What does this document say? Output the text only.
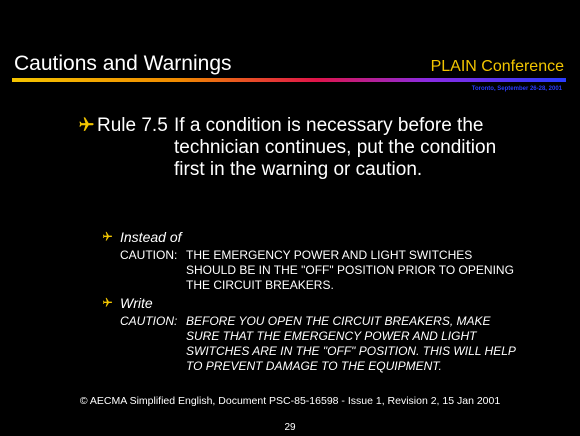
Cautions and Warnings	PLAIN Conference
Toronto, September 26-28, 2001
Rule 7.5 If a condition is necessary before the technician continues, put the condition first in the warning or caution.
Instead of
CAUTION: THE EMERGENCY POWER AND LIGHT SWITCHES SHOULD BE IN THE "OFF" POSITION PRIOR TO OPENING THE CIRCUIT BREAKERS.
Write
CAUTION: BEFORE YOU OPEN THE CIRCUIT BREAKERS, MAKE SURE THAT THE EMERGENCY POWER AND LIGHT SWITCHES ARE IN THE "OFF" POSITION. THIS WILL HELP TO PREVENT DAMAGE TO THE EQUIPMENT.
© AECMA Simplified English, Document PSC-85-16598 - Issue 1, Revision 2, 15 Jan 2001
29
